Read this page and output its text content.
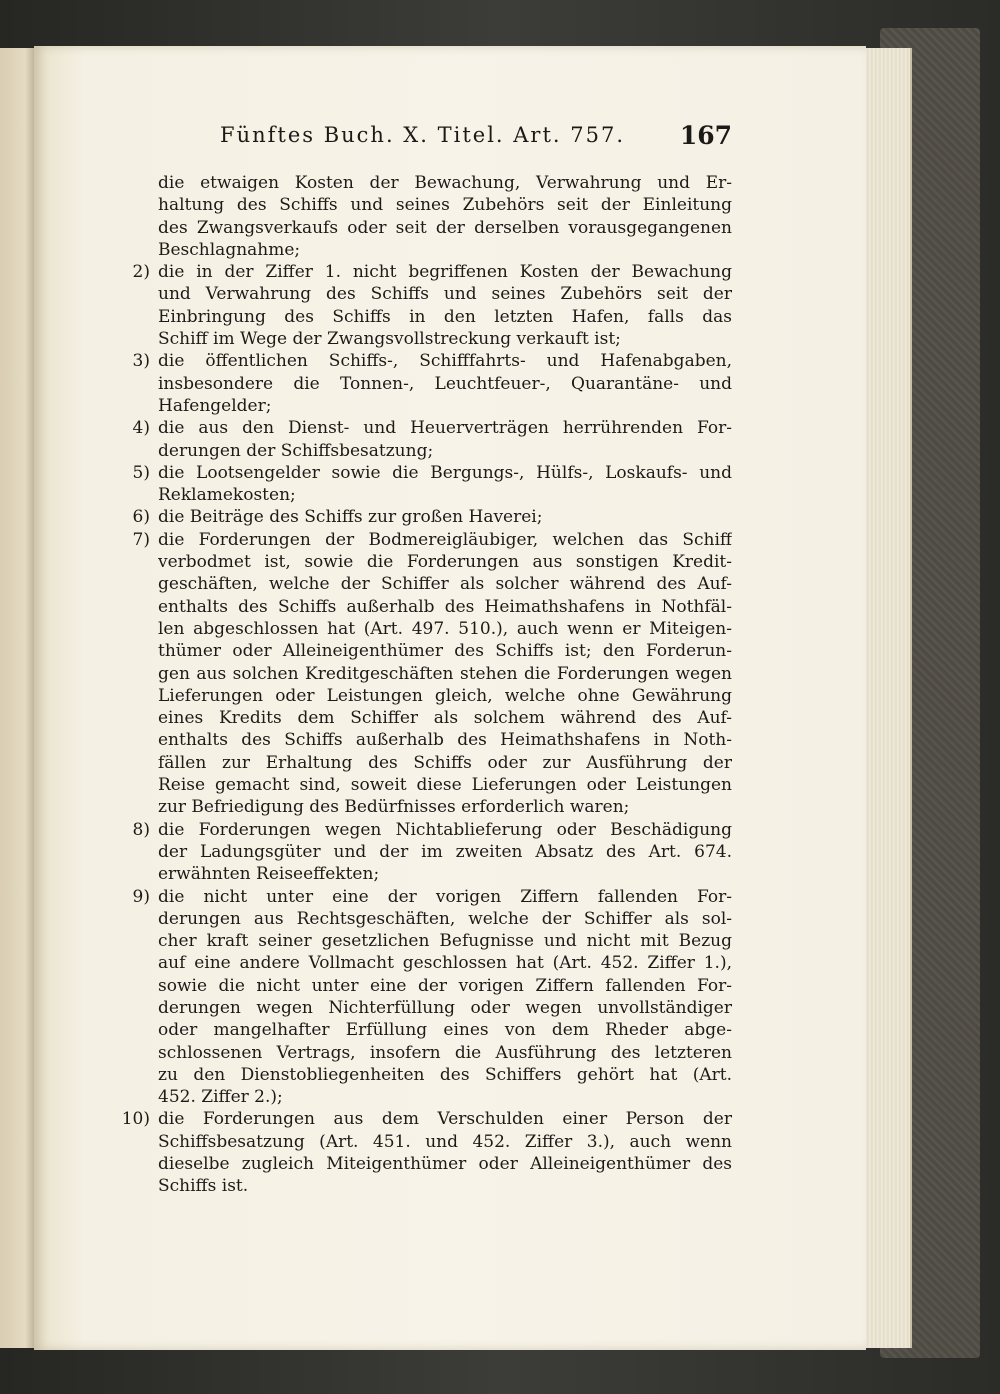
Fünftes Buch. X. Titel. Art. 757. 167
die etwaigen Kosten der Bewachung, Verwahrung und Er-
haltung des Schiffs und seines Zubehörs seit der Einleitung
des Zwangsverkaufs oder seit der derselben vorausgegangenen
Beschlagnahme;
2) die in der Ziffer 1. nicht begriffenen Kosten der Bewachung
und Verwahrung des Schiffs und seines Zubehörs seit der
Einbringung des Schiffs in den letzten Hafen, falls das
Schiff im Wege der Zwangsvollstreckung verkauft ist;
3) die öffentlichen Schiffs-, Schifffahrts- und Hafenabgaben,
insbesondere die Tonnen-, Leuchtfeuer-, Quarantäne- und
Hafengelder;
4) die aus den Dienst- und Heuerverträgen herrührenden For-
derungen der Schiffsbesatzung;
5) die Lootsengelder sowie die Bergungs-, Hülfs-, Loskaufs- und
Reklamekosten;
6) die Beiträge des Schiffs zur großen Haverei;
7) die Forderungen der Bodmereigläubiger, welchen das Schiff
verbodmet ist, sowie die Forderungen aus sonstigen Kredit-
geschäften, welche der Schiffer als solcher während des Auf-
enthalts des Schiffs außerhalb des Heimathshafens in Nothfäl-
len abgeschlossen hat (Art. 497. 510.), auch wenn er Miteigen-
thümer oder Alleineigenthümer des Schiffs ist; den Forderun-
gen aus solchen Kreditgeschäften stehen die Forderungen wegen
Lieferungen oder Leistungen gleich, welche ohne Gewährung
eines Kredits dem Schiffer als solchem während des Auf-
enthalts des Schiffs außerhalb des Heimathshafens in Noth-
fällen zur Erhaltung des Schiffs oder zur Ausführung der
Reise gemacht sind, soweit diese Lieferungen oder Leistungen
zur Befriedigung des Bedürfnisses erforderlich waren;
8) die Forderungen wegen Nichtablieferung oder Beschädigung
der Ladungsgüter und der im zweiten Absatz des Art. 674.
erwähnten Reiseeffekten;
9) die nicht unter eine der vorigen Ziffern fallenden For-
derungen aus Rechtsgeschäften, welche der Schiffer als sol-
cher kraft seiner gesetzlichen Befugnisse und nicht mit Bezug
auf eine andere Vollmacht geschlossen hat (Art. 452. Ziffer 1.),
sowie die nicht unter eine der vorigen Ziffern fallenden For-
derungen wegen Nichterfüllung oder wegen unvollständiger
oder mangelhafter Erfüllung eines von dem Rheder abge-
schlossenen Vertrags, insofern die Ausführung des letzteren
zu den Dienstobliegenheiten des Schiffers gehört hat (Art.
452. Ziffer 2.);
10) die Forderungen aus dem Verschulden einer Person der
Schiffsbesatzung (Art. 451. und 452. Ziffer 3.), auch wenn
dieselbe zugleich Miteigenthümer oder Alleineigenthümer des
Schiffs ist.
